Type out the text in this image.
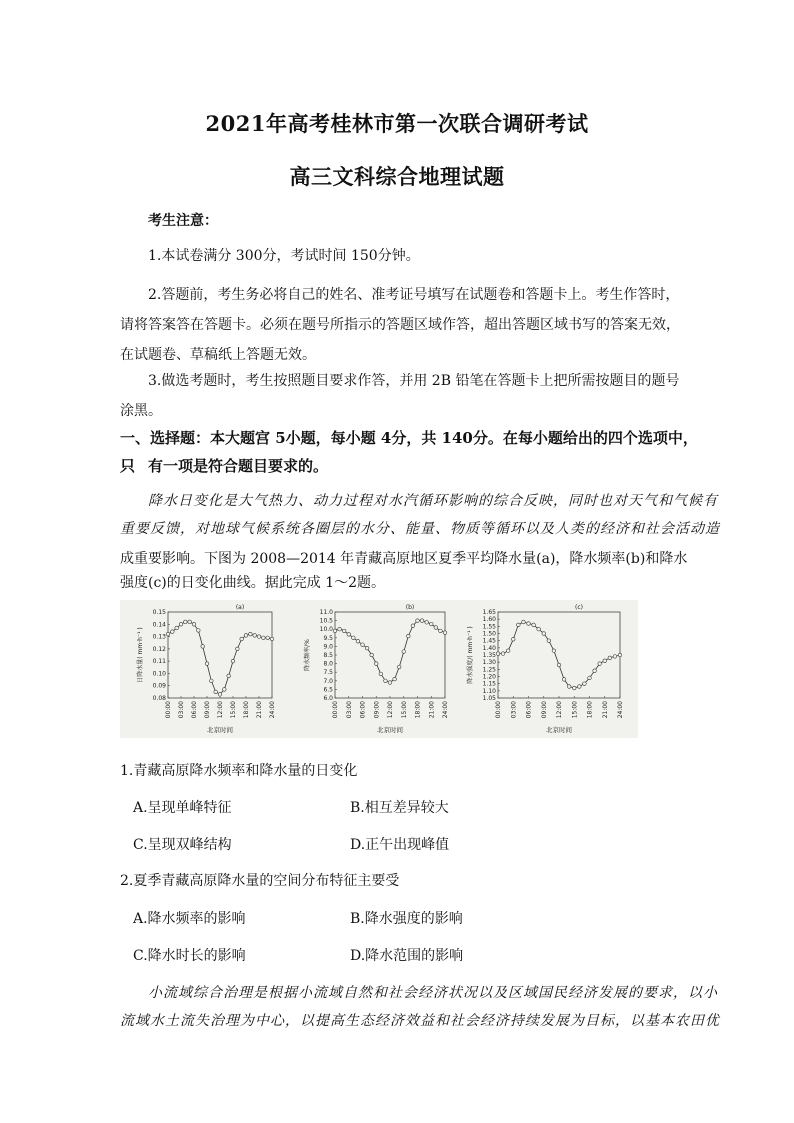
2021年高考桂林市第一次联合调研考试
高三文科综合地理试题
考生注意：
1.本试卷满分 300分，考试时间 150分钟。
2.答题前，考生务必将自己的姓名、准考证号填写在试题卷和答题卡上。考生作答时，请将答案答在答题卡。必须在题号所指示的答题区域作答，超出答题区域书写的答案无效，在试题卷、草稿纸上答题无效。
3.做选考题时，考生按照题目要求作答，并用 2B 铅笔在答题卡上把所需按题目的题号涂黑。
一、选择题：本大题宫 5小题，每小题 4分，共 140分。在每小题给出的四个选项中，只 有一项是符合题目要求的。
降水日变化是大气热力、动力过程对水汽循环影响的综合反映，同时也对天气和气候有
重要反馈，对地球气候系统各圈层的水分、能量、物质等循环以及人类的经济和社会活动造
成重要影响。下图为 2008—2014 年青藏高原地区夏季平均降水量(a)，降水频率(b)和降水
强度(c)的日变化曲线。据此完成 1～2题。
(a)
0.15
0.14
0.13
0.12
0.11
0.10
0.09
0.08
日降水量( mm·h⁻¹ )
00:00 03:00 06:00 09:00 12:00 15:00 18:00 21:00 24:00
北京时间
(b)
11.0
10.5
10.0
9.5
9.0
8.5
8.0
7.5
7.0
6.5
6.0
降水频率/%
00:00 03:00 06:00 09:00 12:00 15:00 18:00 21:00 24:00
北京时间
(c)
1.65
1.60
1.55
1.50
1.45
1.40
1.35
1.30
1.25
1.20
1.15
1.10
1.05
降水强度/( mm·h⁻¹ )
00:00 03:00 06:00 09:00 12:00 15:00 18:00 21:00 24:00
北京时间
1.青藏高原降水频率和降水量的日变化
A.呈现单峰特征	B.相互差异较大
C.呈现双峰结构	D.正午出现峰值
2.夏季青藏高原降水量的空间分布特征主要受
A.降水频率的影响	B.降水强度的影响
C.降水时长的影响	D.降水范围的影响
小流域综合治理是根据小流域自然和社会经济状况以及区域国民经济发展的要求，以小
流域水土流失治理为中心，以提高生态经济效益和社会经济持续发展为目标，以基本农田优
